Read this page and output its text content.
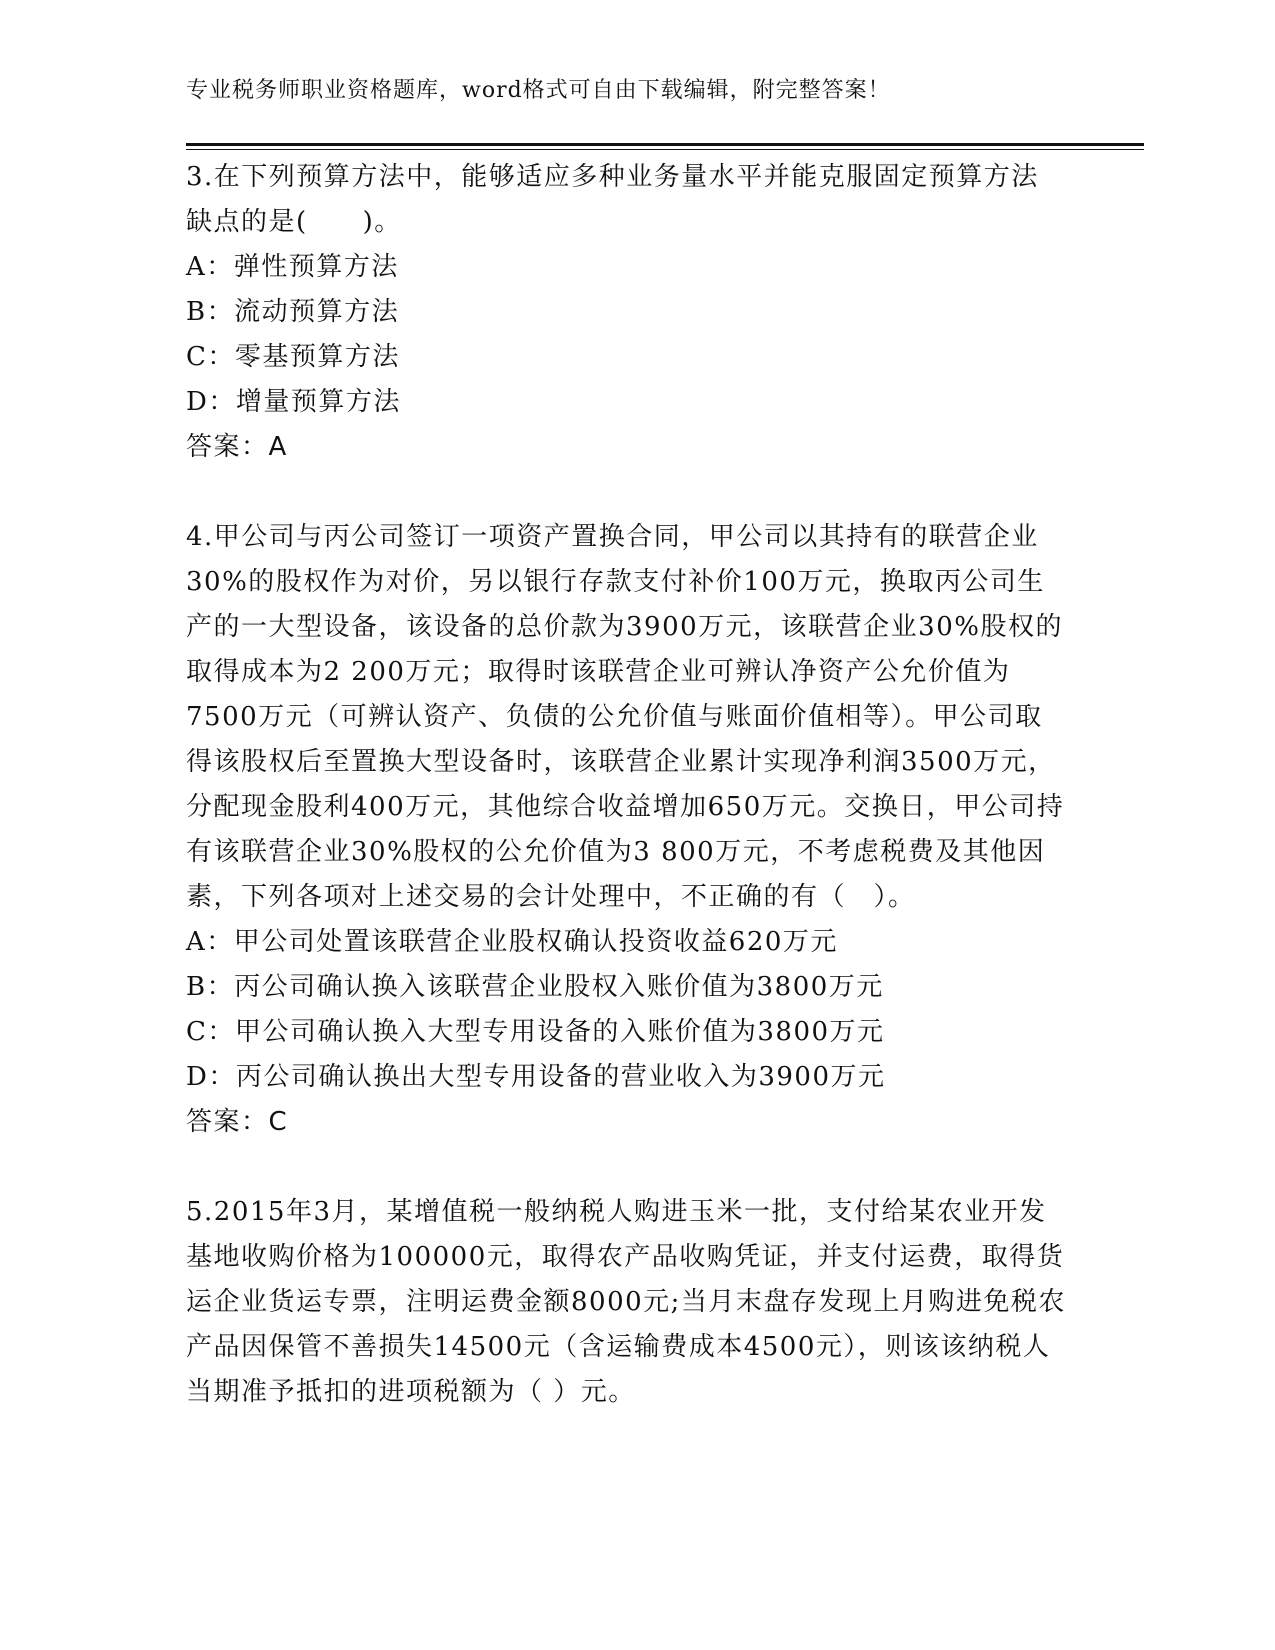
专业税务师职业资格题库，word格式可自由下载编辑，附完整答案！

3.在下列预算方法中，能够适应多种业务量水平并能克服固定预算方法缺点的是(　　)。

A：弹性预算方法

B：流动预算方法

C：零基预算方法

D：增量预算方法

答案：A

4.甲公司与丙公司签订一项资产置换合同，甲公司以其持有的联营企业30%的股权作为对价，另以银行存款支付补价100万元，换取丙公司生产的一大型设备，该设备的总价款为3900万元，该联营企业30%股权的取得成本为2 200万元；取得时该联营企业可辨认净资产公允价值为7500万元（可辨认资产、负债的公允价值与账面价值相等）。甲公司取得该股权后至置换大型设备时，该联营企业累计实现净利润3500万元，分配现金股利400万元，其他综合收益增加650万元。交换日，甲公司持有该联营企业30%股权的公允价值为3 800万元，不考虑税费及其他因素，下列各项对上述交易的会计处理中，不正确的有（　）。

A：甲公司处置该联营企业股权确认投资收益620万元

B：丙公司确认换入该联营企业股权入账价值为3800万元

C：甲公司确认换入大型专用设备的入账价值为3800万元

D：丙公司确认换出大型专用设备的营业收入为3900万元

答案：C

5.2015年3月，某增值税一般纳税人购进玉米一批，支付给某农业开发基地收购价格为100000元，取得农产品收购凭证，并支付运费，取得货运企业货运专票，注明运费金额8000元;当月末盘存发现上月购进免税农产品因保管不善损失14500元（含运输费成本4500元），则该该纳税人当期准予抵扣的进项税额为（ ）元。
